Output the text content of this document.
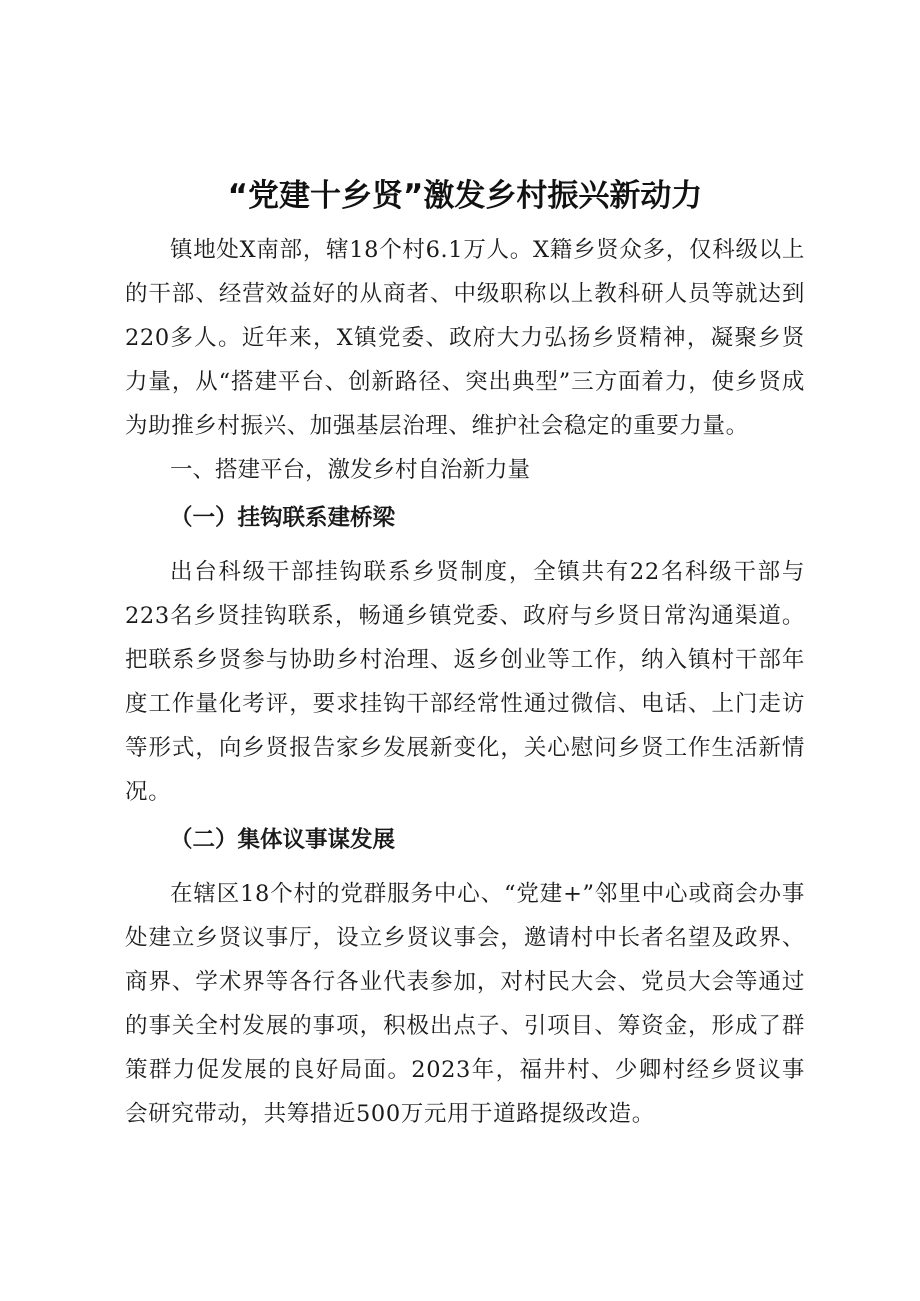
“党建十乡贤”激发乡村振兴新动力

镇地处X南部，辖18个村6.1万人。X籍乡贤众多，仅科级以上的干部、经营效益好的从商者、中级职称以上教科研人员等就达到220多人。近年来，X镇党委、政府大力弘扬乡贤精神，凝聚乡贤力量，从“搭建平台、创新路径、突出典型”三方面着力，使乡贤成为助推乡村振兴、加强基层治理、维护社会稳定的重要力量。

一、搭建平台，激发乡村自治新力量

（一）挂钩联系建桥梁

出台科级干部挂钩联系乡贤制度，全镇共有22名科级干部与223名乡贤挂钩联系，畅通乡镇党委、政府与乡贤日常沟通渠道。把联系乡贤参与协助乡村治理、返乡创业等工作，纳入镇村干部年度工作量化考评，要求挂钩干部经常性通过微信、电话、上门走访等形式，向乡贤报告家乡发展新变化，关心慰问乡贤工作生活新情况。

（二）集体议事谋发展

在辖区18个村的党群服务中心、“党建+”邻里中心或商会办事处建立乡贤议事厅，设立乡贤议事会，邀请村中长者名望及政界、商界、学术界等各行各业代表参加，对村民大会、党员大会等通过的事关全村发展的事项，积极出点子、引项目、筹资金，形成了群策群力促发展的良好局面。2023年，福井村、少卿村经乡贤议事会研究带动，共筹措近500万元用于道路提级改造。
